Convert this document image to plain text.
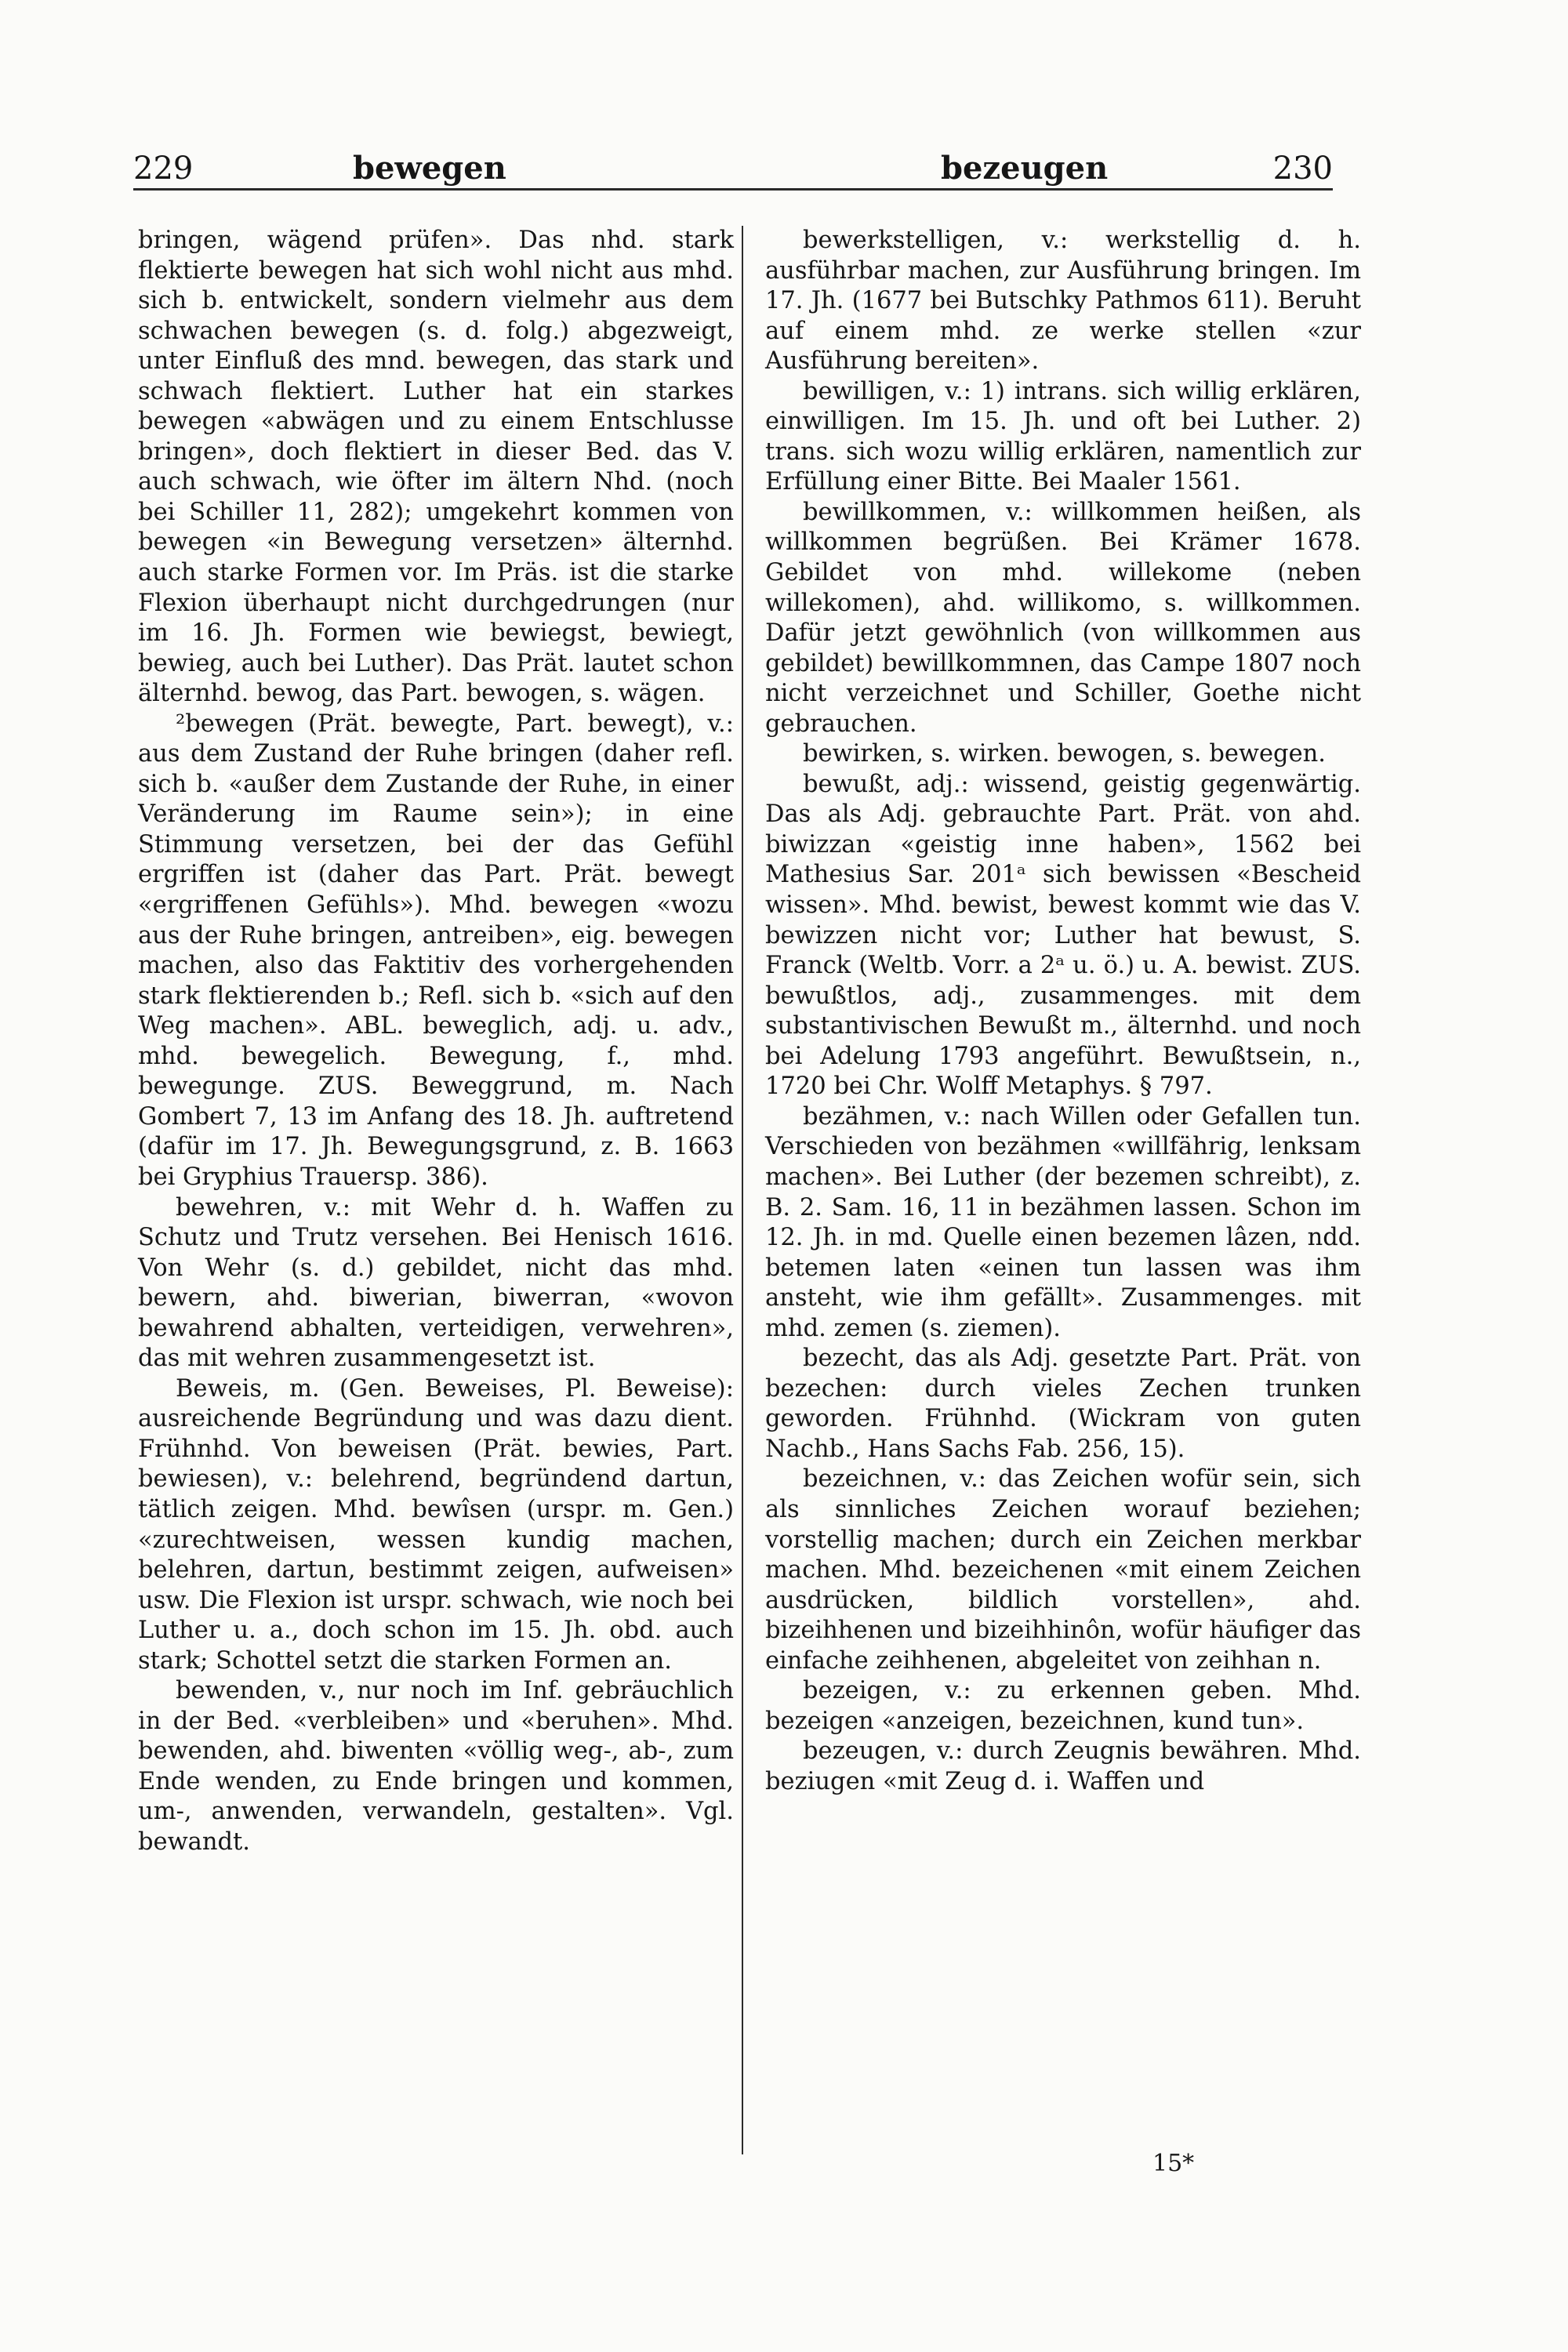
229	bewegen	bezeugen	230

bringen, wägend prüfen». Das nhd. stark flektierte bewegen hat sich wohl nicht aus mhd. sich b. entwickelt, sondern vielmehr aus dem schwachen bewegen (s. d. folg.) abgezweigt, unter Einfluß des mnd. bewegen, das stark und schwach flektiert. Luther hat ein starkes bewegen «abwägen und zu einem Entschlusse bringen», doch flektiert in dieser Bed. das V. auch schwach, wie öfter im ältern Nhd. (noch bei Schiller 11, 282); umgekehrt kommen von bewegen «in Bewegung versetzen» älternhd. auch starke Formen vor. Im Präs. ist die starke Flexion überhaupt nicht durchgedrungen (nur im 16. Jh. Formen wie bewiegst, bewiegt, bewieg, auch bei Luther). Das Prät. lautet schon älternhd. bewog, das Part. bewogen, s. wägen.

²bewegen (Prät. bewegte, Part. bewegt), v.: aus dem Zustand der Ruhe bringen (daher refl. sich b. «außer dem Zustande der Ruhe, in einer Veränderung im Raume sein»); in eine Stimmung versetzen, bei der das Gefühl ergriffen ist (daher das Part. Prät. bewegt «ergriffenen Gefühls»). Mhd. bewegen «wozu aus der Ruhe bringen, antreiben», eig. bewegen machen, also das Faktitiv des vorhergehenden stark flektierenden b.; Refl. sich b. «sich auf den Weg machen». ABL. beweglich, adj. u. adv., mhd. bewegelich. Bewegung, f., mhd. bewegunge. ZUS. Beweggrund, m. Nach Gombert 7, 13 im Anfang des 18. Jh. auftretend (dafür im 17. Jh. Bewegungsgrund, z. B. 1663 bei Gryphius Trauersp. 386).

bewehren, v.: mit Wehr d. h. Waffen zu Schutz und Trutz versehen. Bei Henisch 1616. Von Wehr (s. d.) gebildet, nicht das mhd. bewern, ahd. biwerian, biwerran, «wovon bewahrend abhalten, verteidigen, verwehren», das mit wehren zusammengesetzt ist.

Beweis, m. (Gen. Beweises, Pl. Beweise): ausreichende Begründung und was dazu dient. Frühnhd. Von beweisen (Prät. bewies, Part. bewiesen), v.: belehrend, begründend dartun, tätlich zeigen. Mhd. bewîsen (urspr. m. Gen.) «zurechtweisen, wessen kundig machen, belehren, dartun, bestimmt zeigen, aufweisen» usw. Die Flexion ist urspr. schwach, wie noch bei Luther u. a., doch schon im 15. Jh. obd. auch stark; Schottel setzt die starken Formen an.

bewenden, v., nur noch im Inf. gebräuchlich in der Bed. «verbleiben» und «beruhen». Mhd. bewenden, ahd. biwenten «völlig weg-, ab-, zum Ende wenden, zu Ende bringen und kommen, um-, anwenden, verwandeln, gestalten». Vgl. bewandt.

bewerkstelligen, v.: werkstellig d. h. ausführbar machen, zur Ausführung bringen. Im 17. Jh. (1677 bei Butschky Pathmos 611). Beruht auf einem mhd. ze werke stellen «zur Ausführung bereiten».

bewilligen, v.: 1) intrans. sich willig erklären, einwilligen. Im 15. Jh. und oft bei Luther. 2) trans. sich wozu willig erklären, namentlich zur Erfüllung einer Bitte. Bei Maaler 1561.

bewillkommen, v.: willkommen heißen, als willkommen begrüßen. Bei Krämer 1678. Gebildet von mhd. willekome (neben willekomen), ahd. willikomo, s. willkommen. Dafür jetzt gewöhnlich (von willkommen aus gebildet) bewillkommnen, das Campe 1807 noch nicht verzeichnet und Schiller, Goethe nicht gebrauchen.

bewirken, s. wirken. bewogen, s. bewegen.

bewußt, adj.: wissend, geistig gegenwärtig. Das als Adj. gebrauchte Part. Prät. von ahd. biwizzan «geistig inne haben», 1562 bei Mathesius Sar. 201ᵃ sich bewissen «Bescheid wissen». Mhd. bewist, bewest kommt wie das V. bewizzen nicht vor; Luther hat bewust, S. Franck (Weltb. Vorr. a 2ᵃ u. ö.) u. A. bewist. ZUS. bewußtlos, adj., zusammenges. mit dem substantivischen Bewußt m., älternhd. und noch bei Adelung 1793 angeführt. Bewußtsein, n., 1720 bei Chr. Wolff Metaphys. § 797.

bezähmen, v.: nach Willen oder Gefallen tun. Verschieden von bezähmen «willfährig, lenksam machen». Bei Luther (der bezemen schreibt), z. B. 2. Sam. 16, 11 in bezähmen lassen. Schon im 12. Jh. in md. Quelle einen bezemen lâzen, ndd. betemen laten «einen tun lassen was ihm ansteht, wie ihm gefällt». Zusammenges. mit mhd. zemen (s. ziemen).

bezecht, das als Adj. gesetzte Part. Prät. von bezechen: durch vieles Zechen trunken geworden. Frühnhd. (Wickram von guten Nachb., Hans Sachs Fab. 256, 15).

bezeichnen, v.: das Zeichen wofür sein, sich als sinnliches Zeichen worauf beziehen; vorstellig machen; durch ein Zeichen merkbar machen. Mhd. bezeichenen «mit einem Zeichen ausdrücken, bildlich vorstellen», ahd. bizeihhenen und bizeihhinôn, wofür häufiger das einfache zeihhenen, abgeleitet von zeihhan n.

bezeigen, v.: zu erkennen geben. Mhd. bezeigen «anzeigen, bezeichnen, kund tun».

bezeugen, v.: durch Zeugnis bewähren. Mhd. beziugen «mit Zeug d. i. Waffen und

15*
